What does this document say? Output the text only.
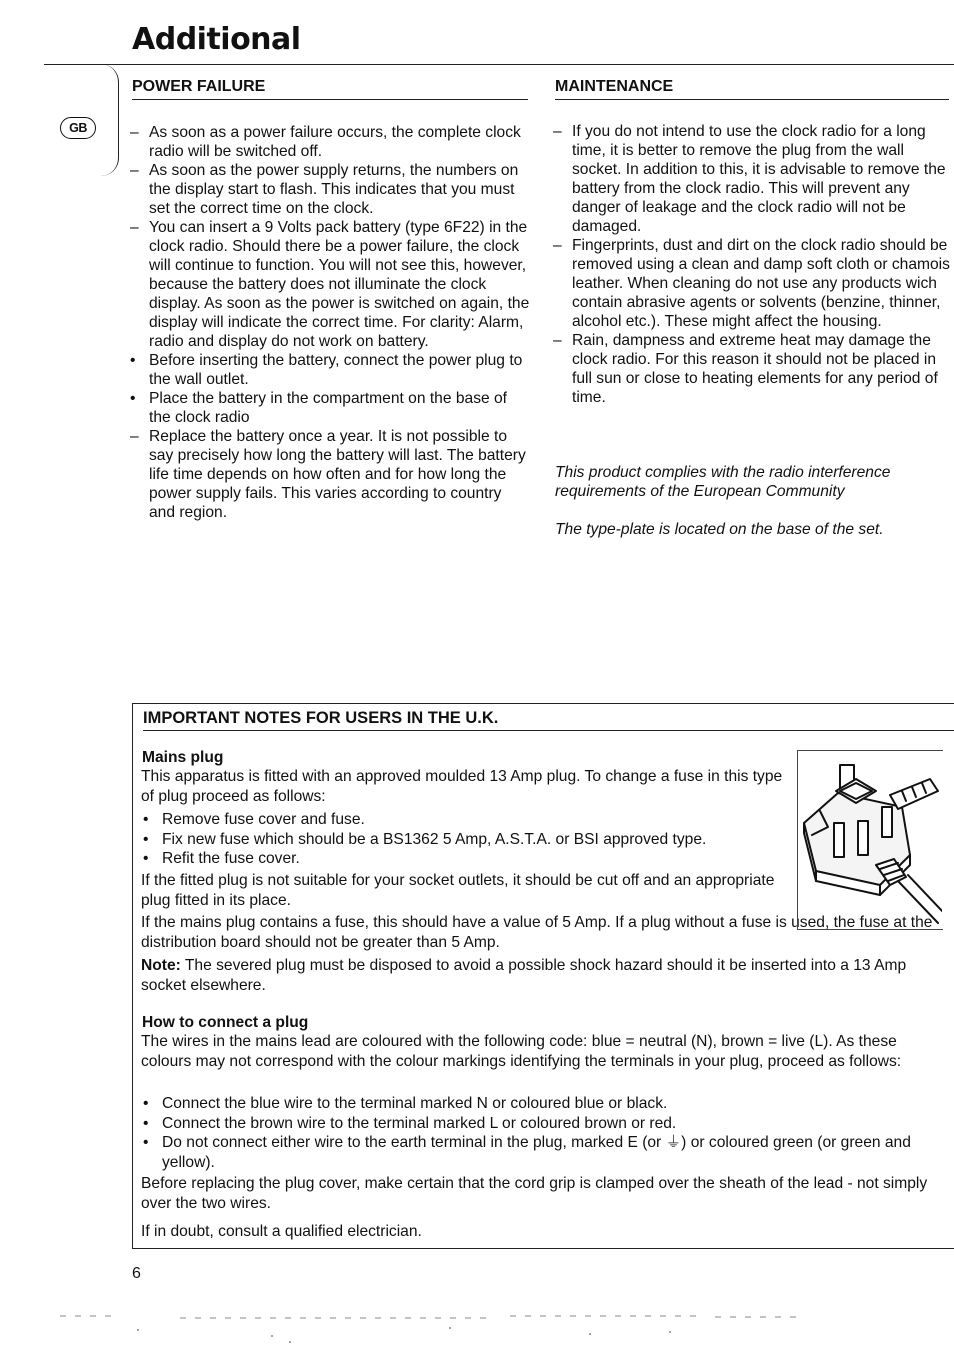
Additional
GB
POWER FAILURE
– As soon as a power failure occurs, the complete clock radio will be switched off.
– As soon as the power supply returns, the numbers on the display start to flash. This indicates that you must set the correct time on the clock.
– You can insert a 9 Volts pack battery (type 6F22) in the clock radio. Should there be a power failure, the clock will continue to function. You will not see this, however, because the battery does not illuminate the clock display. As soon as the power is switched on again, the display will indicate the correct time. For clarity: Alarm, radio and display do not work on battery.
• Before inserting the battery, connect the power plug to the wall outlet.
• Place the battery in the compartment on the base of the clock radio
– Replace the battery once a year. It is not possible to say precisely how long the battery will last. The battery life time depends on how often and for how long the power supply fails. This varies according to country and region.
MAINTENANCE
– If you do not intend to use the clock radio for a long time, it is better to remove the plug from the wall socket. In addition to this, it is advisable to remove the battery from the clock radio. This will prevent any danger of leakage and the clock radio will not be damaged.
– Fingerprints, dust and dirt on the clock radio should be removed using a clean and damp soft cloth or chamois leather. When cleaning do not use any products wich contain abrasive agents or solvents (benzine, thinner, alcohol etc.). These might affect the housing.
– Rain, dampness and extreme heat may damage the clock radio. For this reason it should not be placed in full sun or close to heating elements for any period of time.

This product complies with the radio interference requirements of the European Community

The type-plate is located on the base of the set.

IMPORTANT NOTES FOR USERS IN THE U.K.
Mains plug

This apparatus is fitted with an approved moulded 13 Amp plug. To change a fuse in this type of plug proceed as follows:

• Remove fuse cover and fuse.
• Fix new fuse which should be a BS1362 5 Amp, A.S.T.A. or BSI approved type.
• Refit the fuse cover.

If the fitted plug is not suitable for your socket outlets, it should be cut off and an appropriate plug fitted in its place.

If the mains plug contains a fuse, this should have a value of 5 Amp. If a plug without a fuse is used, the fuse at the distribution board should not be greater than 5 Amp.

Note: The severed plug must be disposed to avoid a possible shock hazard should it be inserted into a 13 Amp socket elsewhere.

How to connect a plug

The wires in the mains lead are coloured with the following code: blue = neutral (N), brown = live (L). As these colours may not correspond with the colour markings identifying the terminals in your plug, proceed as follows:

• Connect the blue wire to the terminal marked N or coloured blue or black.
• Connect the brown wire to the terminal marked L or coloured brown or red.
• Do not connect either wire to the earth terminal in the plug, marked E (or ⏚) or coloured green (or green and yellow).

Before replacing the plug cover, make certain that the cord grip is clamped over the sheath of the lead - not simply over the two wires.

If in doubt, consult a qualified electrician.

6
